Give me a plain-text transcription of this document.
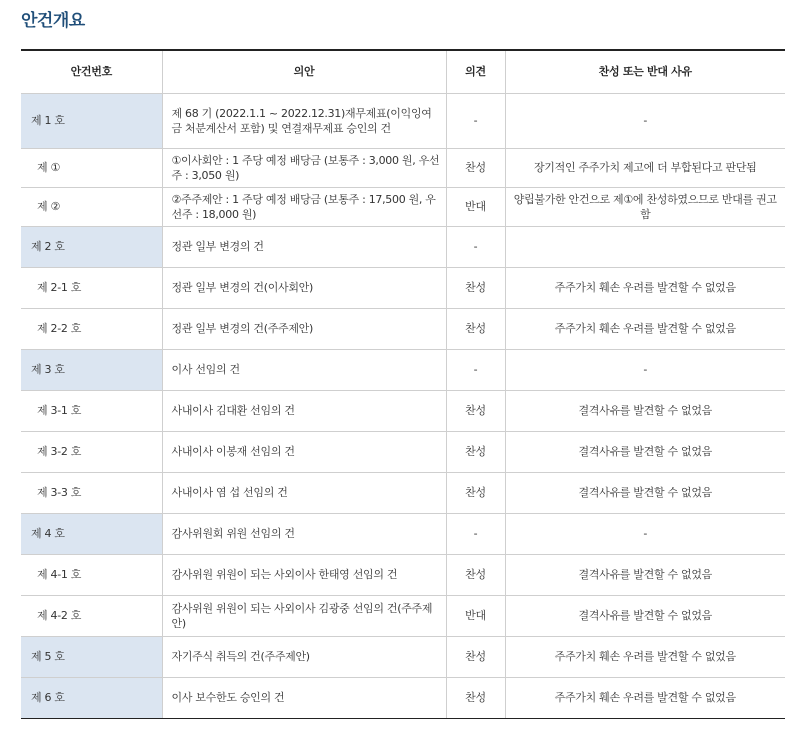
안건개요
안건번호	의안	의견	찬성 또는 반대 사유
제 1 호	제 68 기 (2022.1.1 ~ 2022.12.31)재무제표(이익잉여금 처분계산서 포함) 및 연결재무제표 승인의 건	-	-
제 ①	①이사회안 : 1 주당 예정 배당금 (보통주 : 3,000 원, 우선주 : 3,050 원)	찬성	장기적인 주주가치 제고에 더 부합된다고 판단됨
제 ②	②주주제안 : 1 주당 예정 배당금 (보통주 : 17,500 원, 우선주 : 18,000 원)	반대	양립불가한 안건으로 제①에 찬성하였으므로 반대를 권고함
제 2 호	정관 일부 변경의 건	-	
제 2-1 호	정관 일부 변경의 건(이사회안)	찬성	주주가치 훼손 우려를 발견할 수 없었음
제 2-2 호	정관 일부 변경의 건(주주제안)	찬성	주주가치 훼손 우려를 발견할 수 없었음
제 3 호	이사 선임의 건	-	-
제 3-1 호	사내이사 김대환 선임의 건	찬성	결격사유를 발견할 수 없었음
제 3-2 호	사내이사 이봉재 선임의 건	찬성	결격사유를 발견할 수 없었음
제 3-3 호	사내이사 염 섭 선임의 건	찬성	결격사유를 발견할 수 없었음
제 4 호	감사위원회 위원 선임의 건	-	-
제 4-1 호	감사위원 위원이 되는 사외이사 한태영 선임의 건	찬성	결격사유를 발견할 수 없었음
제 4-2 호	감사위원 위원이 되는 사외이사 김광중 선임의 건(주주제안)	반대	결격사유를 발견할 수 없었음
제 5 호	자기주식 취득의 건(주주제안)	찬성	주주가치 훼손 우려를 발견할 수 없었음
제 6 호	이사 보수한도 승인의 건	찬성	주주가치 훼손 우려를 발견할 수 없었음
